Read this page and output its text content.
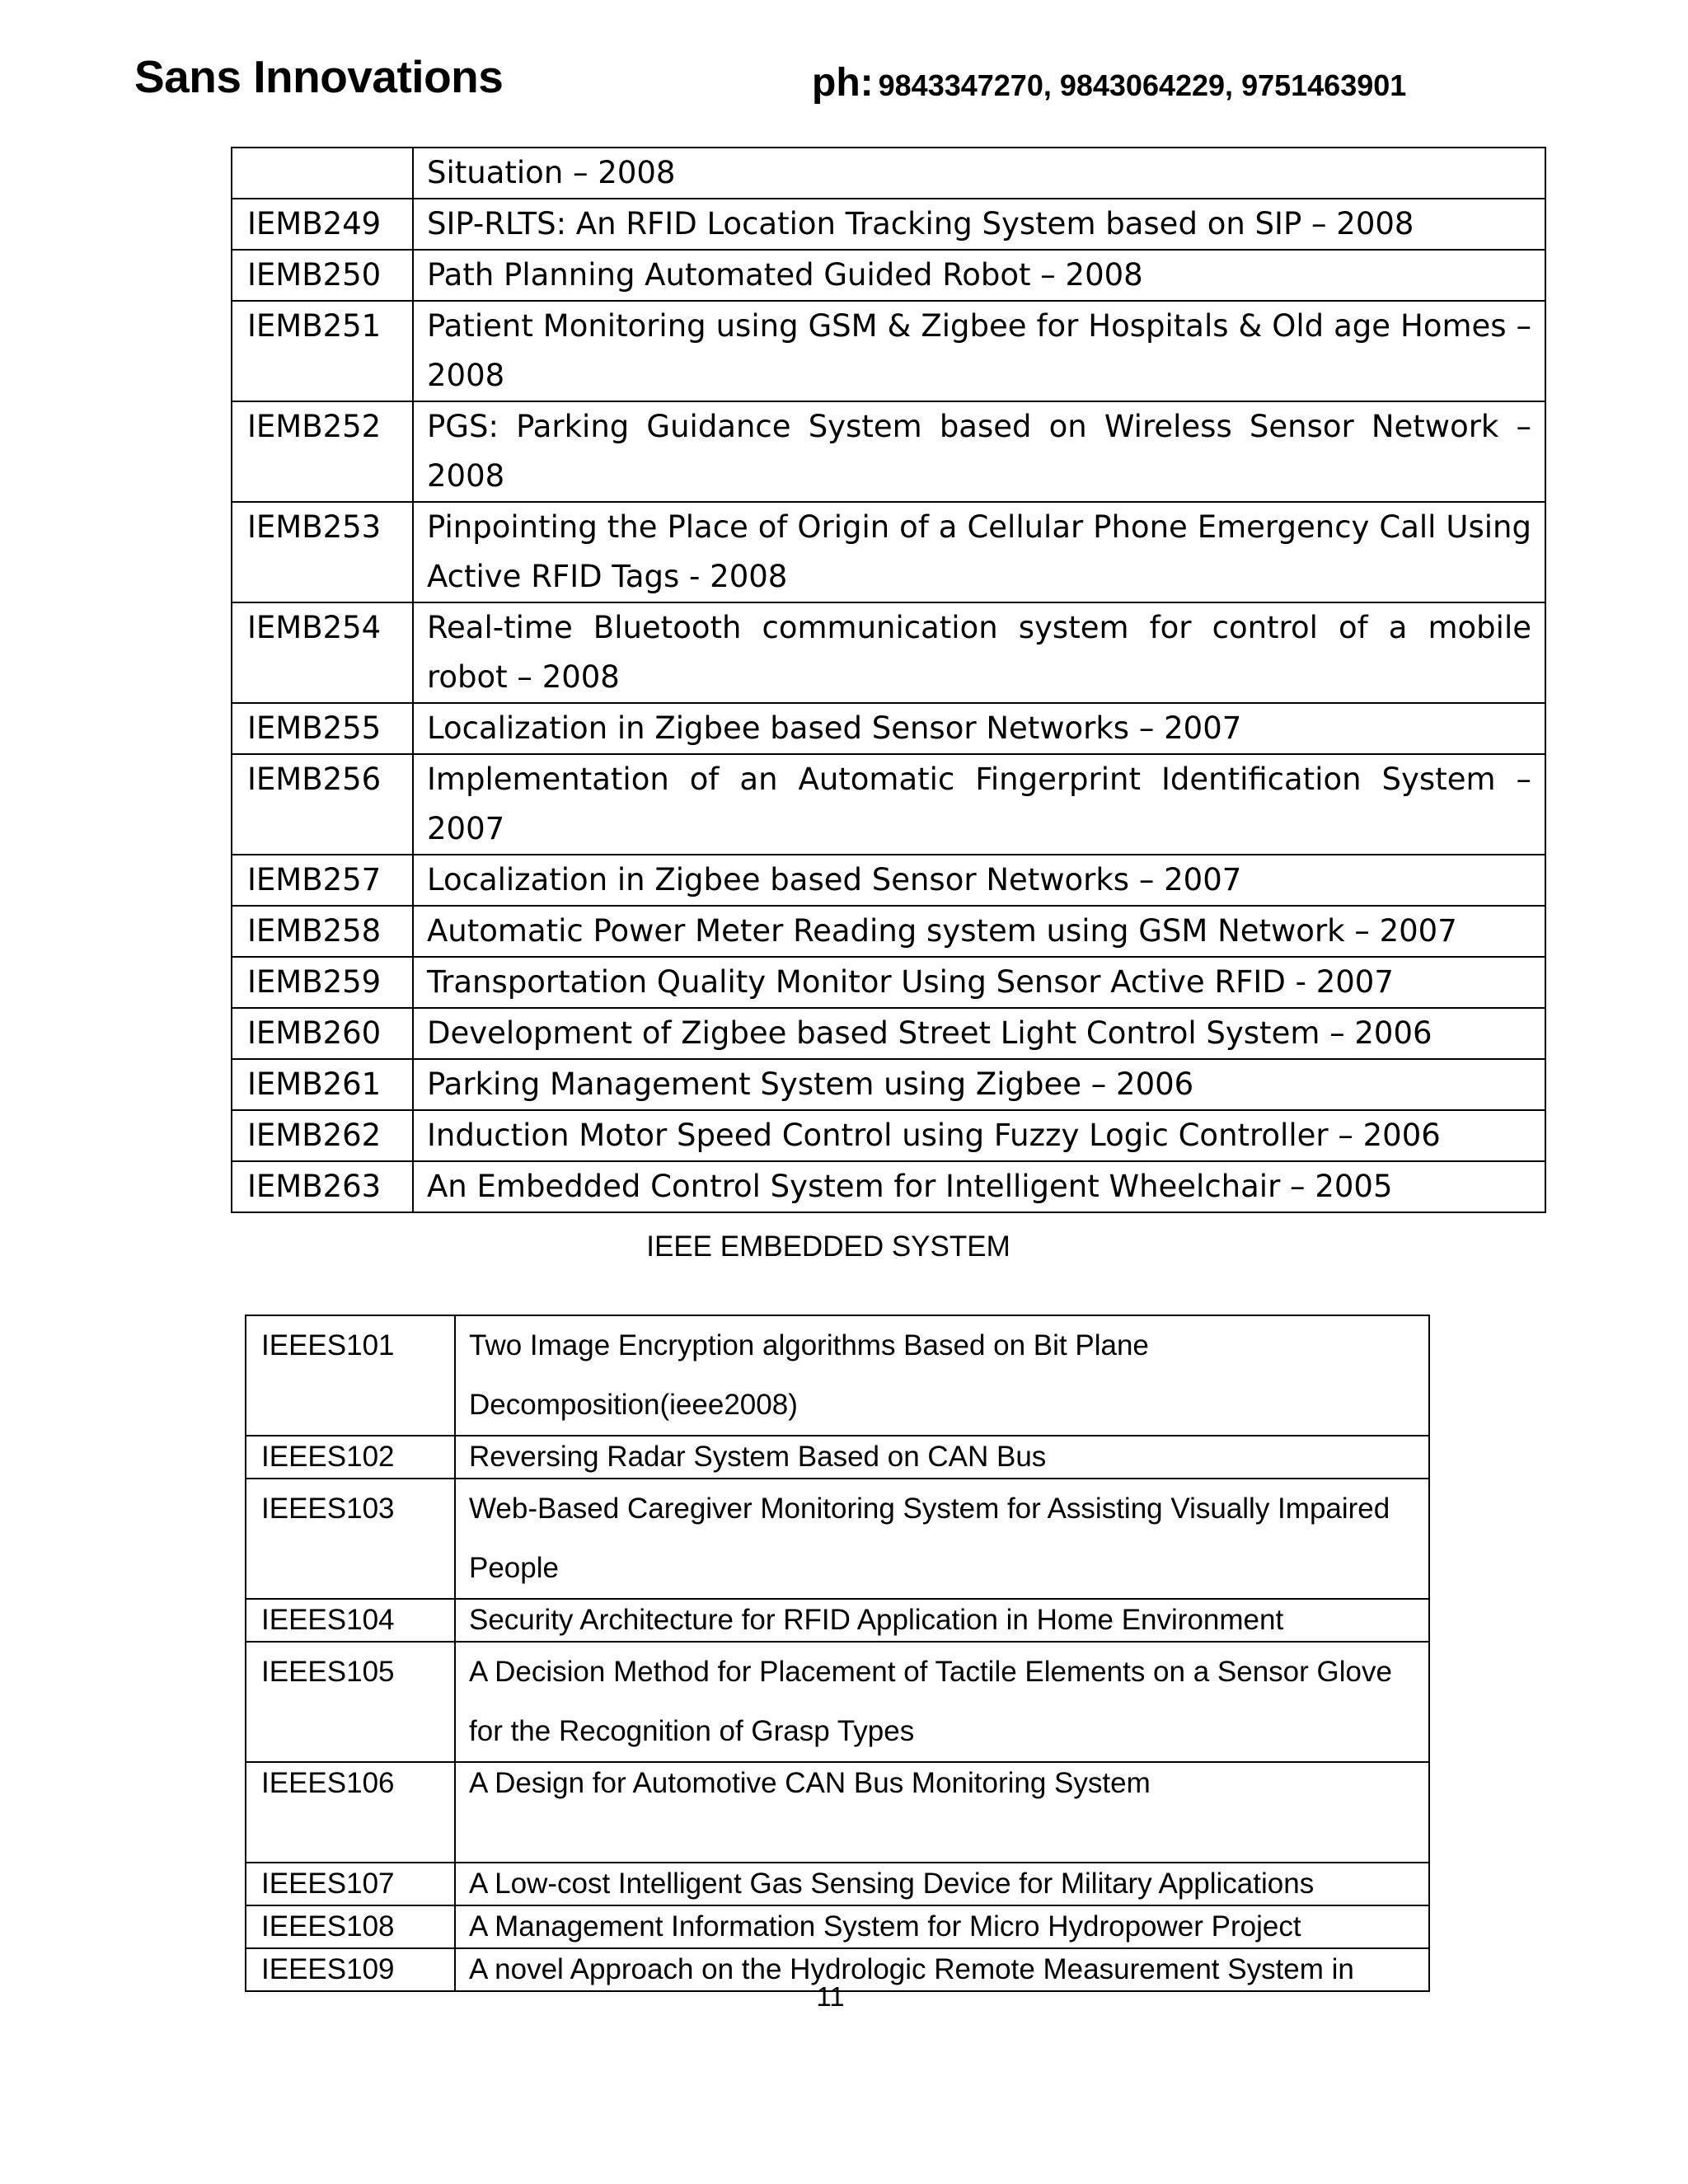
Sans Innovations	ph: 9843347270, 9843064229, 9751463901
	Situation – 2008
IEMB249	SIP-RLTS: An RFID Location Tracking System based on SIP – 2008
IEMB250	Path Planning Automated Guided Robot – 2008
IEMB251	Patient Monitoring using GSM & Zigbee for Hospitals & Old age Homes – 2008
IEMB252	PGS: Parking Guidance System based on Wireless Sensor Network – 2008
IEMB253	Pinpointing the Place of Origin of a Cellular Phone Emergency Call Using Active RFID Tags - 2008
IEMB254	Real-time Bluetooth communication system for control of a mobile robot – 2008
IEMB255	Localization in Zigbee based Sensor Networks – 2007
IEMB256	Implementation of an Automatic Fingerprint Identification System – 2007
IEMB257	Localization in Zigbee based Sensor Networks – 2007
IEMB258	Automatic Power Meter Reading system using GSM Network – 2007
IEMB259	Transportation Quality Monitor Using Sensor Active RFID - 2007
IEMB260	Development of Zigbee based Street Light Control System – 2006
IEMB261	Parking Management System using Zigbee – 2006
IEMB262	Induction Motor Speed Control using Fuzzy Logic Controller – 2006
IEMB263	An Embedded Control System for Intelligent Wheelchair – 2005
IEEE EMBEDDED SYSTEM
IEEES101	Two Image Encryption algorithms Based on Bit Plane Decomposition(ieee2008)
IEEES102	Reversing Radar System Based on CAN Bus
IEEES103	Web-Based Caregiver Monitoring System for Assisting Visually Impaired People
IEEES104	Security Architecture for RFID Application in Home Environment
IEEES105	A Decision Method for Placement of Tactile Elements on a Sensor Glove for the Recognition of Grasp Types
IEEES106	A Design for Automotive CAN Bus Monitoring System
IEEES107	A Low-cost Intelligent Gas Sensing Device for Military Applications
IEEES108	A Management Information System for Micro Hydropower Project
IEEES109	A novel Approach on the Hydrologic Remote Measurement System in
11
